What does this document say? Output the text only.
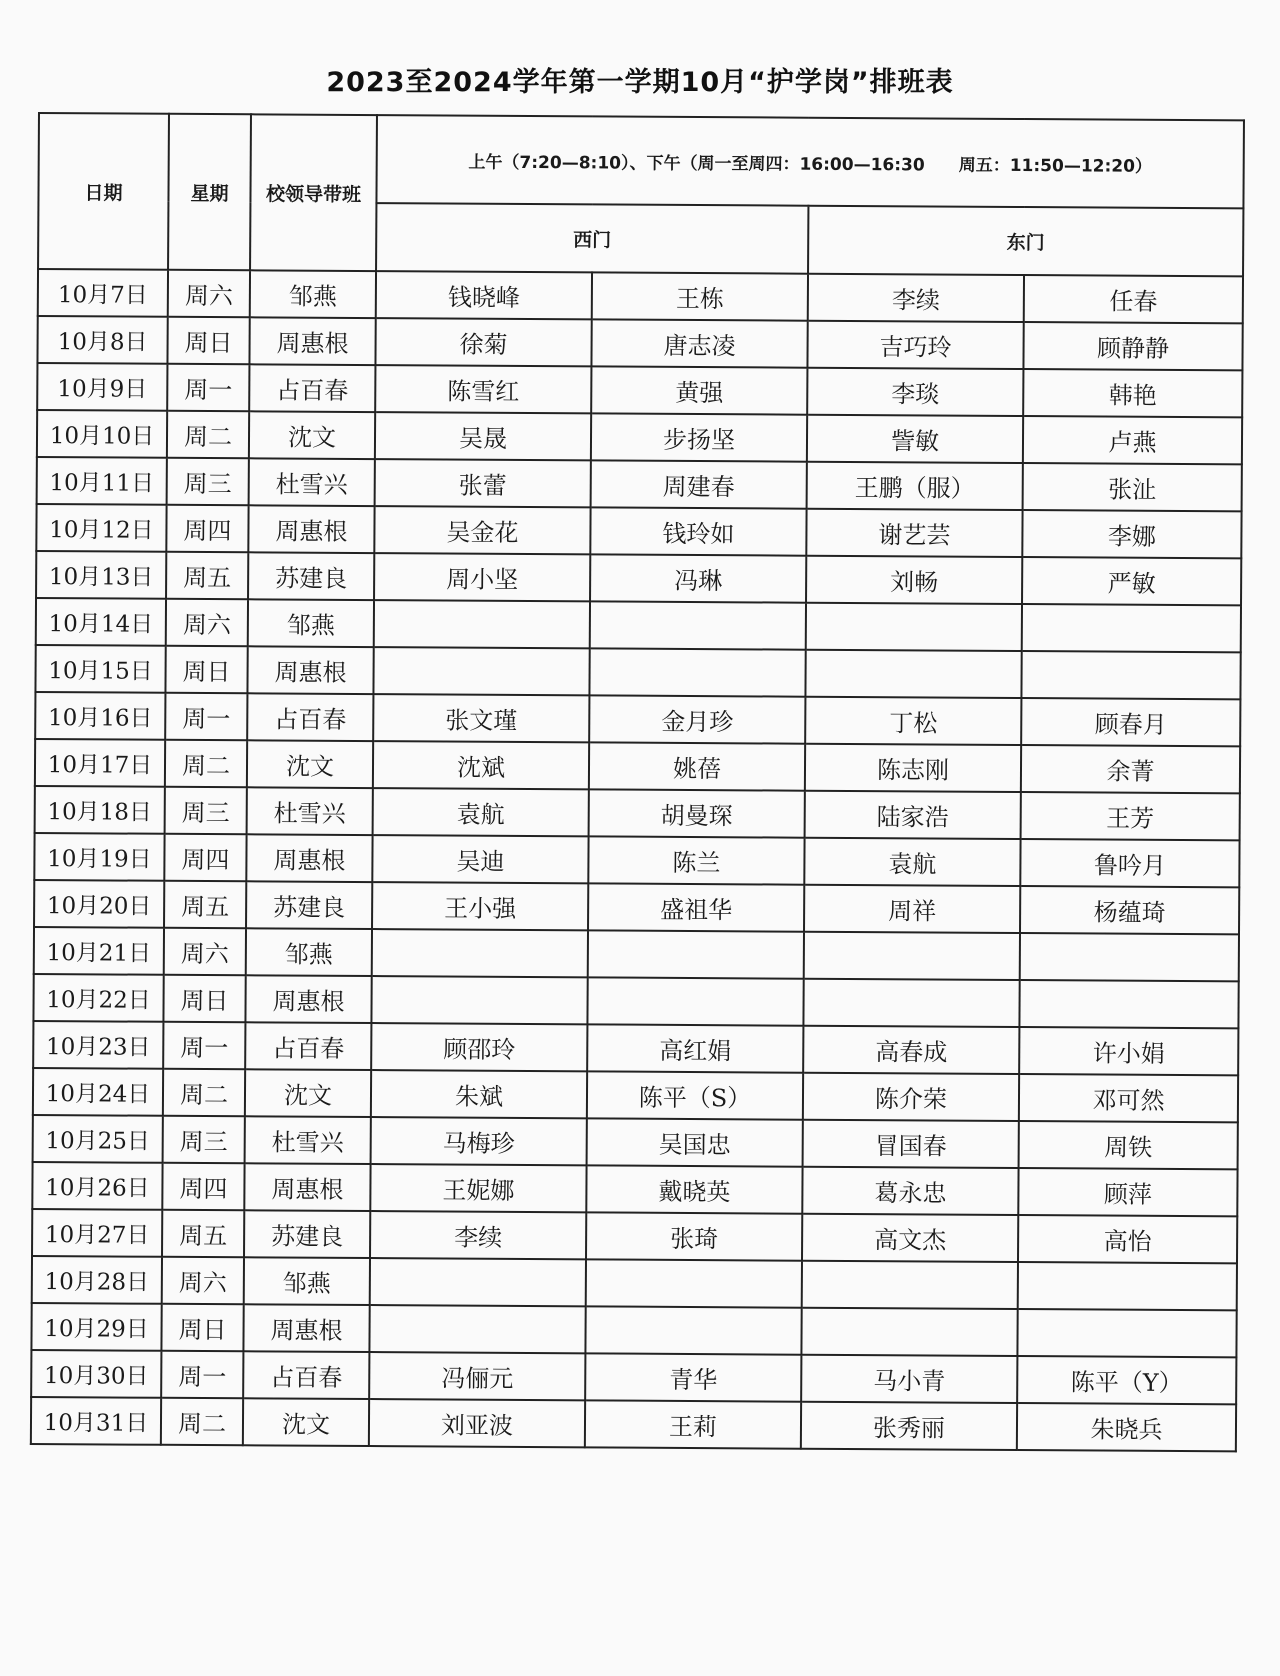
2023至2024学年第一学期10月“护学岗”排班表
日期	星期	校领导带班	上午（7:20—8:10）、下午（周一至周四：16:00—16:30　　周五：11:50—12:20）			
			西门		东门	
10月7日	周六	邹燕	钱晓峰	王栋	李续	任春
10月8日	周日	周惠根	徐菊	唐志凌	吉巧玲	顾静静
10月9日	周一	占百春	陈雪红	黄强	李琰	韩艳
10月10日	周二	沈文	吴晟	步扬坚	訾敏	卢燕
10月11日	周三	杜雪兴	张蕾	周建春	王鹏（服）	张沚
10月12日	周四	周惠根	吴金花	钱玲如	谢艺芸	李娜
10月13日	周五	苏建良	周小坚	冯琳	刘畅	严敏
10月14日	周六	邹燕				
10月15日	周日	周惠根				
10月16日	周一	占百春	张文瑾	金月珍	丁松	顾春月
10月17日	周二	沈文	沈斌	姚蓓	陈志刚	余菁
10月18日	周三	杜雪兴	袁航	胡曼琛	陆家浩	王芳
10月19日	周四	周惠根	吴迪	陈兰	袁航	鲁吟月
10月20日	周五	苏建良	王小强	盛祖华	周祥	杨蕴琦
10月21日	周六	邹燕				
10月22日	周日	周惠根				
10月23日	周一	占百春	顾邵玲	高红娟	高春成	许小娟
10月24日	周二	沈文	朱斌	陈平（S）	陈介荣	邓可然
10月25日	周三	杜雪兴	马梅珍	吴国忠	冒国春	周铁
10月26日	周四	周惠根	王妮娜	戴晓英	葛永忠	顾萍
10月27日	周五	苏建良	李续	张琦	高文杰	高怡
10月28日	周六	邹燕				
10月29日	周日	周惠根				
10月30日	周一	占百春	冯俪元	青华	马小青	陈平（Y）
10月31日	周二	沈文	刘亚波	王莉	张秀丽	朱晓兵
